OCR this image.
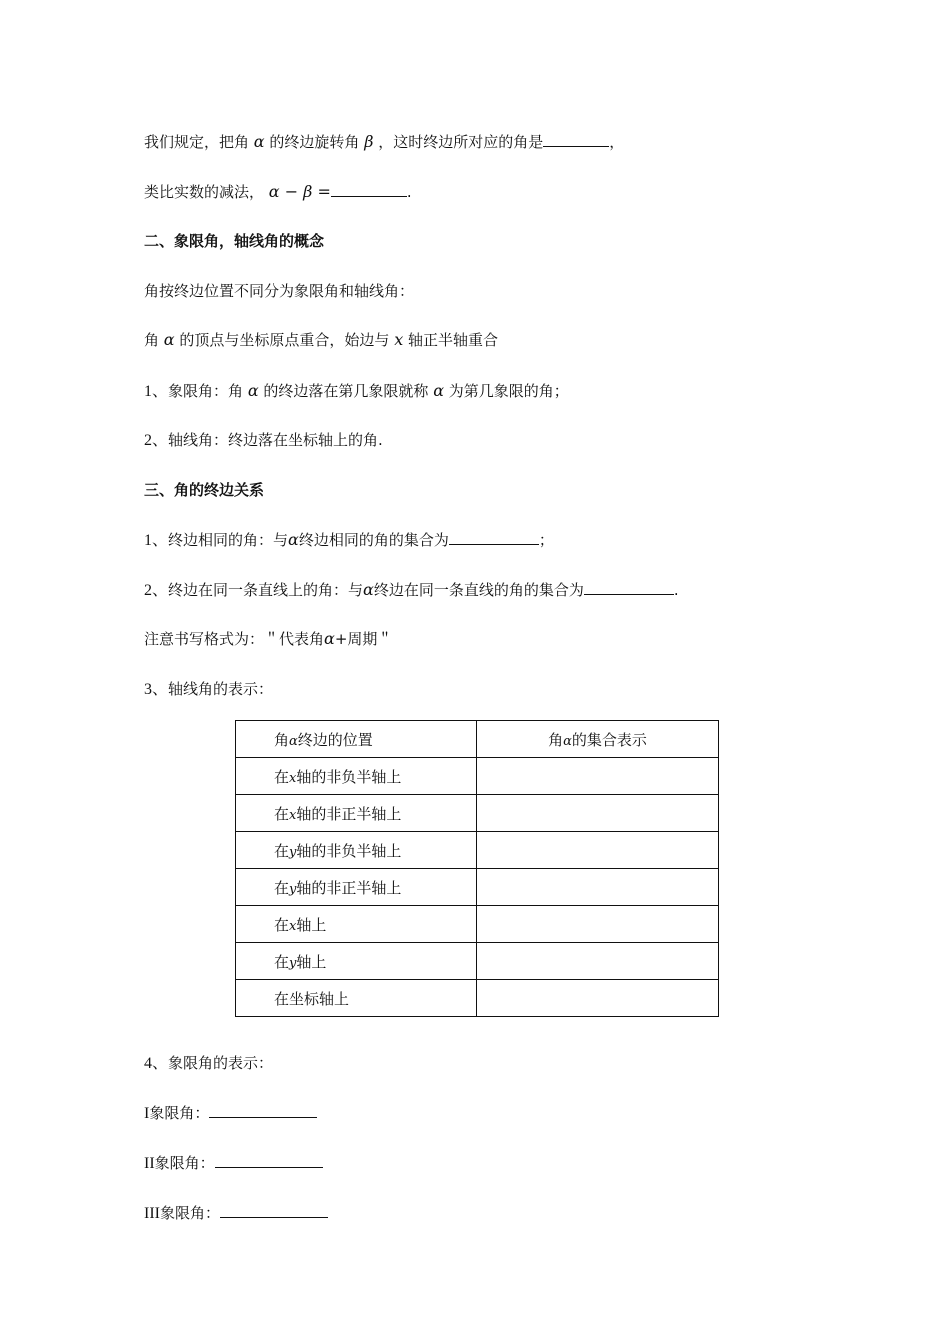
我们规定，把角 α 的终边旋转角 β ，这时终边所对应的角是	，
类比实数的减法， α − β =	.
二、象限角，轴线角的概念
角按终边位置不同分为象限角和轴线角：
角 α 的顶点与坐标原点重合，始边与 x 轴正半轴重合
1、象限角：角 α 的终边落在第几象限就称 α 为第几象限的角；
2、轴线角：终边落在坐标轴上的角.
三、角的终边关系
1、终边相同的角：与α终边相同的角的集合为	；
2、终边在同一条直线上的角：与α终边在同一条直线的角的集合为	.
注意书写格式为：＂代表角α+周期＂
3、轴线角的表示：
角α终边的位置	角α的集合表示
在x轴的非负半轴上	
在x轴的非正半轴上	
在y轴的非负半轴上	
在y轴的非正半轴上	
在x轴上	
在y轴上	
在坐标轴上	
4、象限角的表示：
I象限角：
II象限角：
III象限角：
